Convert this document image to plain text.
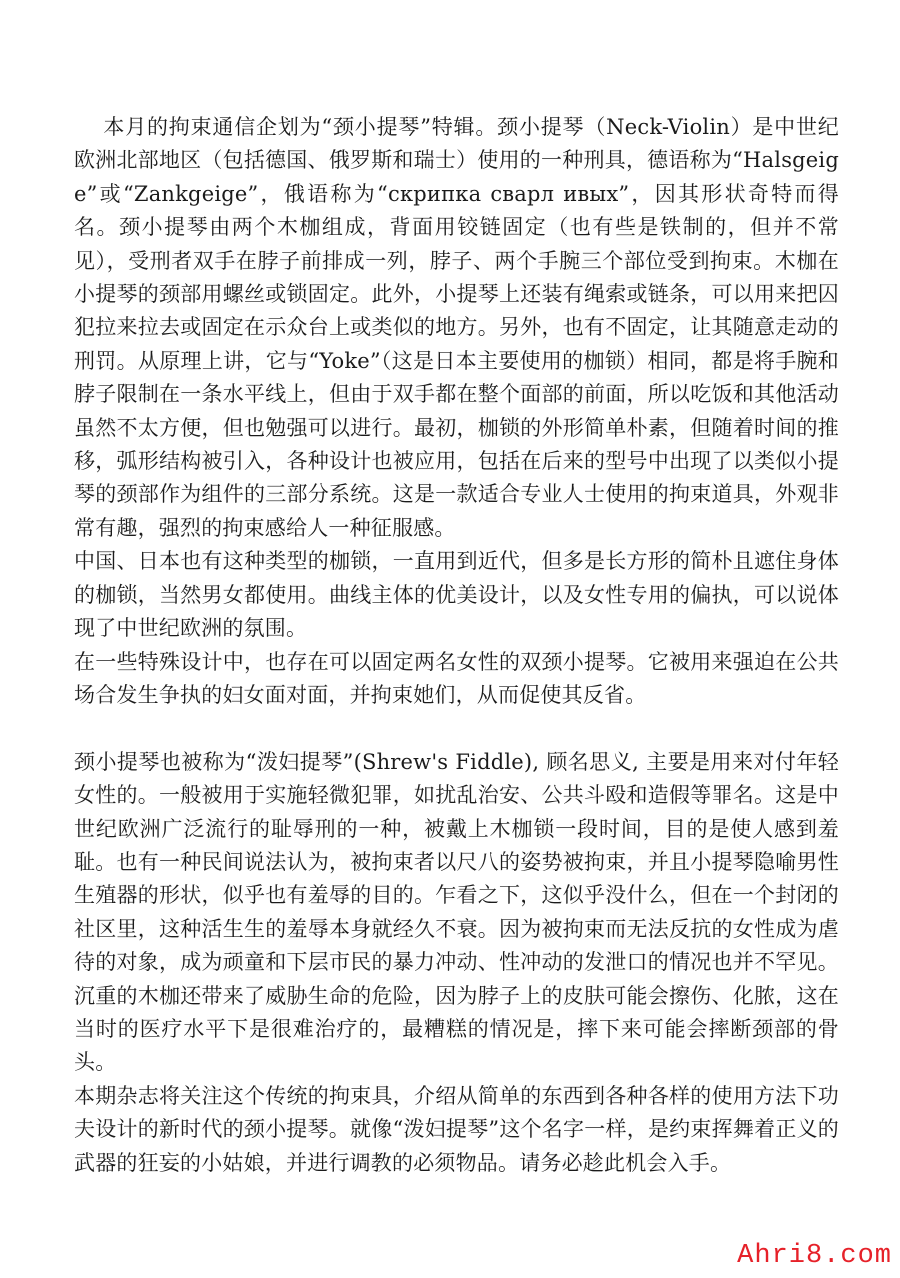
本月的拘束通信企划为“颈小提琴”特辑。颈小提琴（Neck-Violin）是中世纪欧洲北部地区（包括德国、俄罗斯和瑞士）使用的一种刑具，德语称为“Halsgeige”或“Zankgeige”，俄语称为“скрипка сварл ивых”，因其形状奇特而得名。颈小提琴由两个木枷组成，背面用铰链固定（也有些是铁制的，但并不常见），受刑者双手在脖子前排成一列，脖子、两个手腕三个部位受到拘束。木枷在小提琴的颈部用螺丝或锁固定。此外，小提琴上还装有绳索或链条，可以用来把囚犯拉来拉去或固定在示众台上或类似的地方。另外，也有不固定，让其随意走动的刑罚。从原理上讲，它与“Yoke”（这是日本主要使用的枷锁）相同，都是将手腕和脖子限制在一条水平线上，但由于双手都在整个面部的前面，所以吃饭和其他活动虽然不太方便，但也勉强可以进行。最初，枷锁的外形简单朴素，但随着时间的推移，弧形结构被引入，各种设计也被应用，包括在后来的型号中出现了以类似小提琴的颈部作为组件的三部分系统。这是一款适合专业人士使用的拘束道具，外观非常有趣，强烈的拘束感给人一种征服感。

中国、日本也有这种类型的枷锁，一直用到近代，但多是长方形的简朴且遮住身体的枷锁，当然男女都使用。曲线主体的优美设计，以及女性专用的偏执，可以说体现了中世纪欧洲的氛围。

在一些特殊设计中，也存在可以固定两名女性的双颈小提琴。它被用来强迫在公共场合发生争执的妇女面对面，并拘束她们，从而促使其反省。

颈小提琴也被称为“泼妇提琴”(Shrew's Fiddle), 顾名思义, 主要是用来对付年轻女性的。一般被用于实施轻微犯罪，如扰乱治安、公共斗殴和造假等罪名。这是中世纪欧洲广泛流行的耻辱刑的一种，被戴上木枷锁一段时间，目的是使人感到羞耻。也有一种民间说法认为，被拘束者以尺八的姿势被拘束，并且小提琴隐喻男性生殖器的形状，似乎也有羞辱的目的。乍看之下，这似乎没什么，但在一个封闭的社区里，这种活生生的羞辱本身就经久不衰。因为被拘束而无法反抗的女性成为虐待的对象，成为顽童和下层市民的暴力冲动、性冲动的发泄口的情况也并不罕见。沉重的木枷还带来了威胁生命的危险，因为脖子上的皮肤可能会擦伤、化脓，这在当时的医疗水平下是很难治疗的，最糟糕的情况是，摔下来可能会摔断颈部的骨头。

本期杂志将关注这个传统的拘束具，介绍从简单的东西到各种各样的使用方法下功夫设计的新时代的颈小提琴。就像“泼妇提琴”这个名字一样，是约束挥舞着正义的武器的狂妄的小姑娘，并进行调教的必须物品。请务必趁此机会入手。

Ahri8.com
